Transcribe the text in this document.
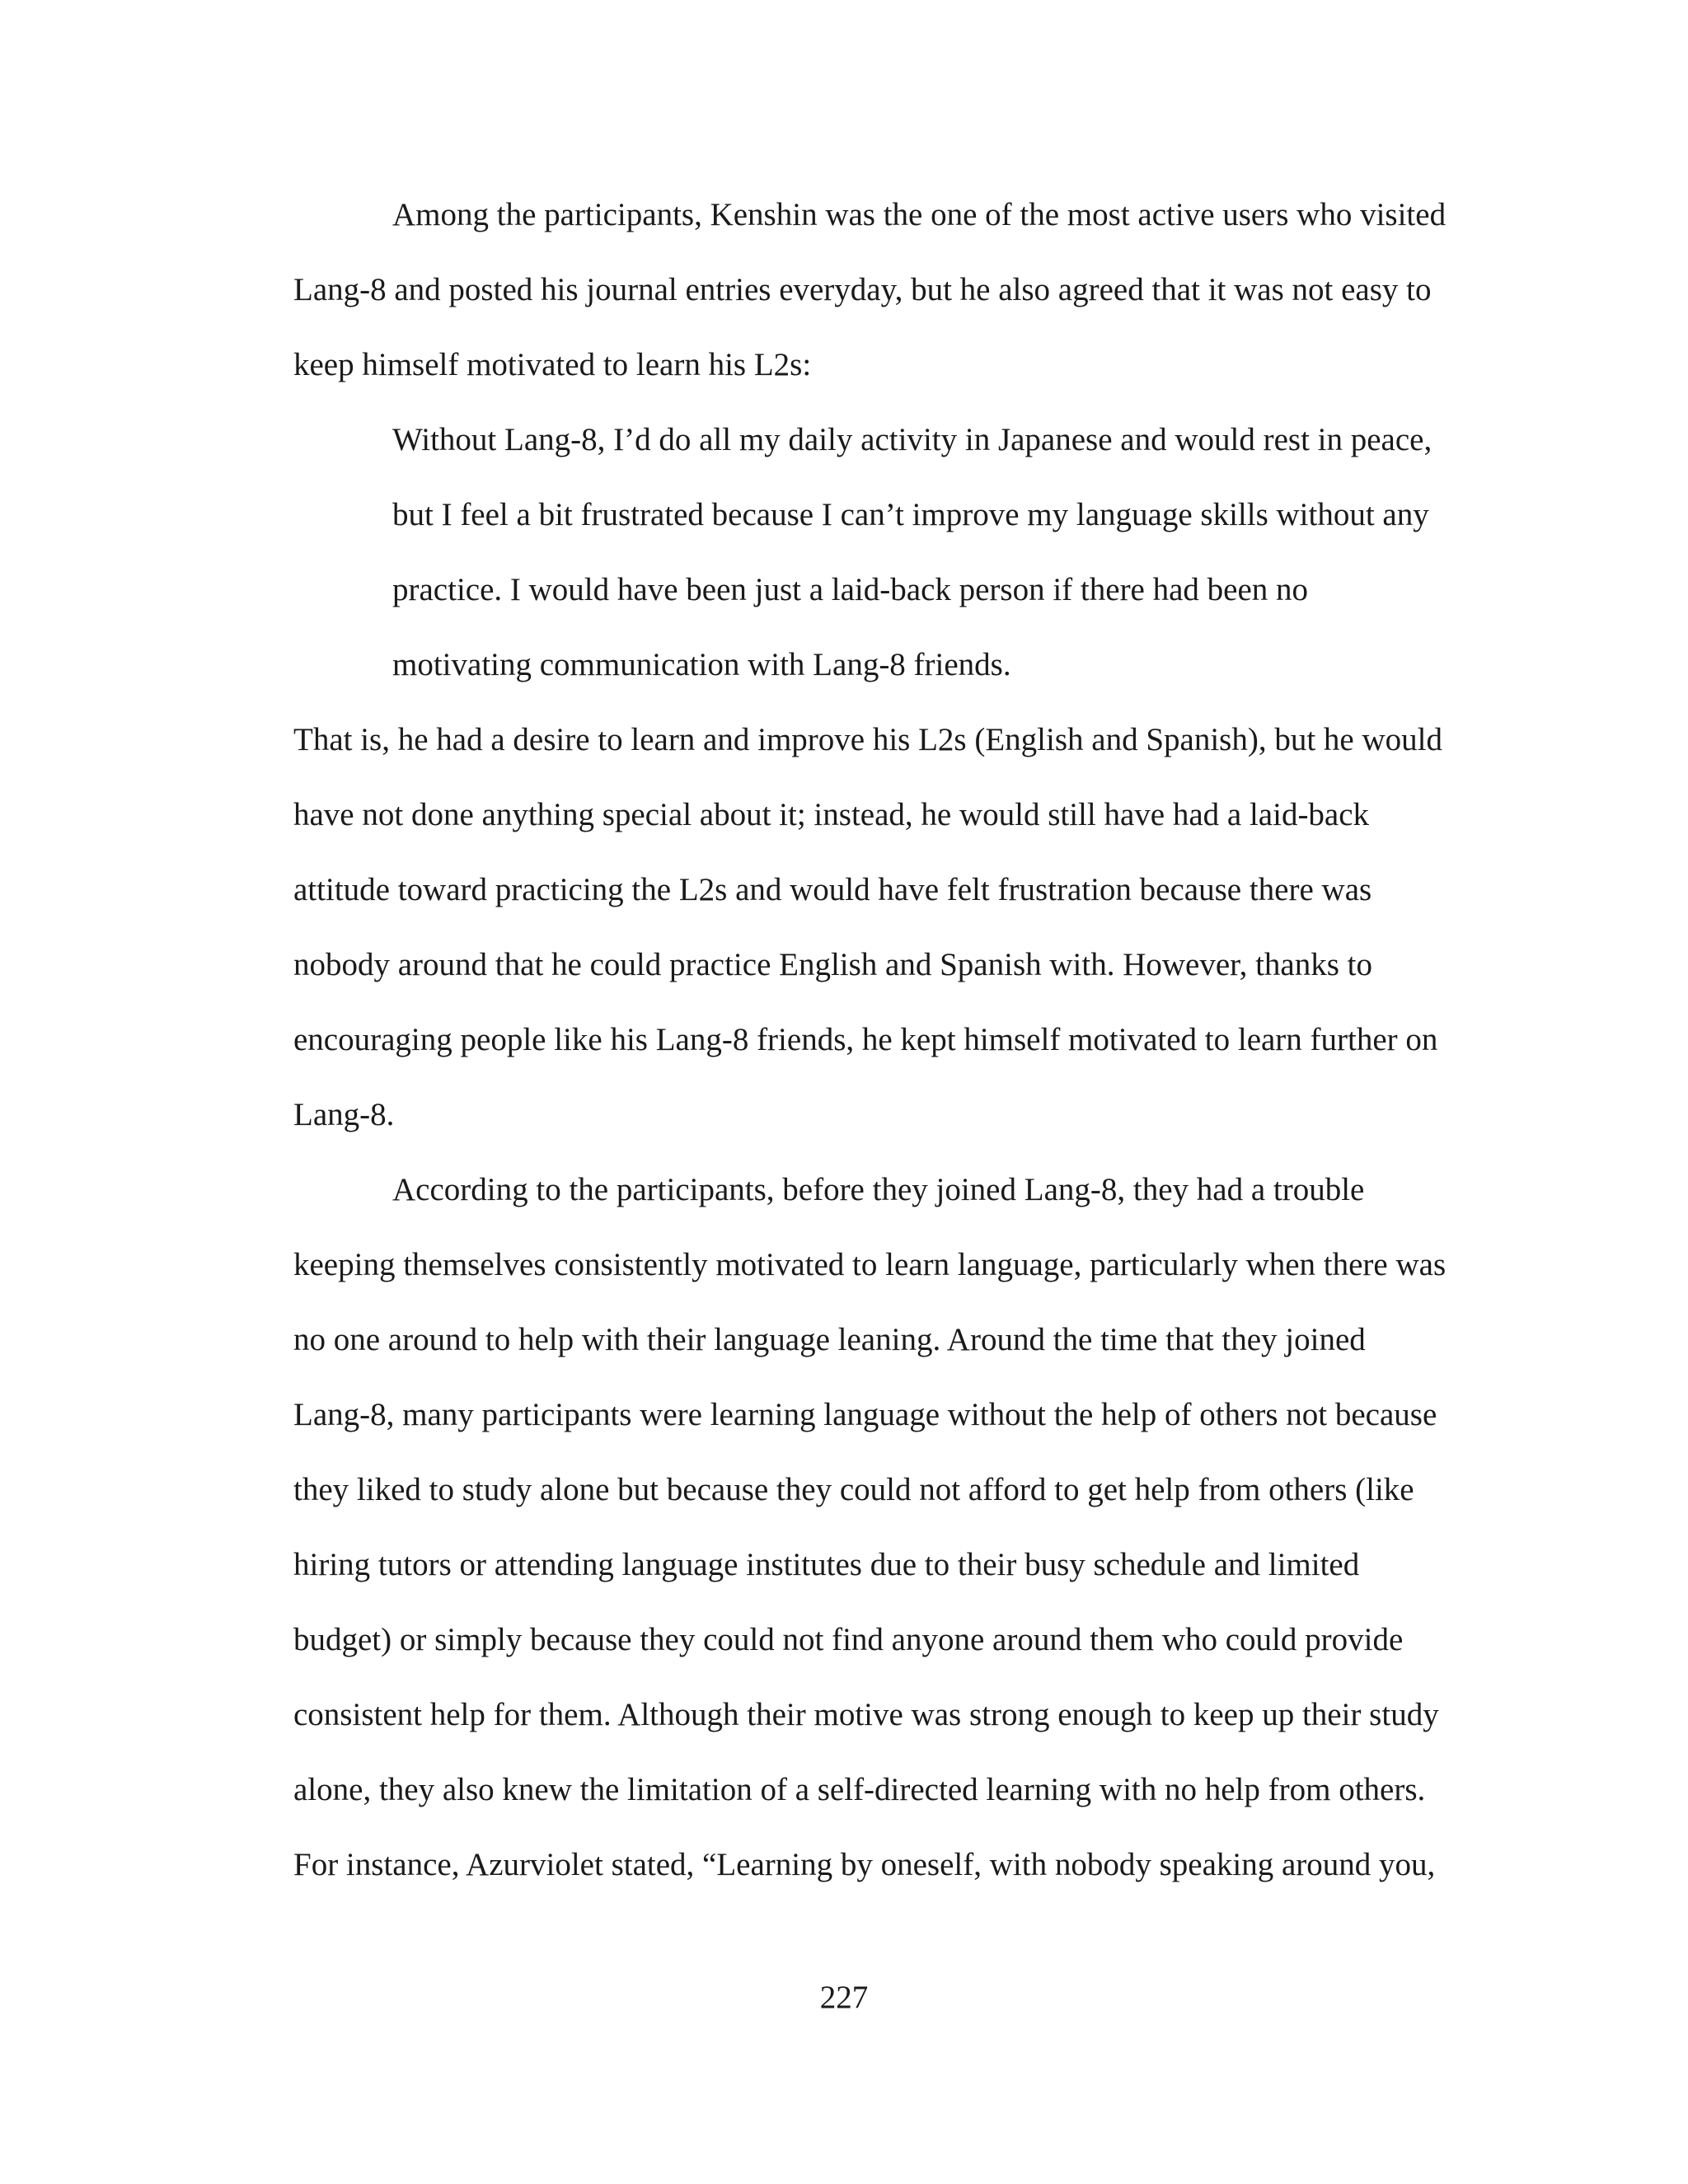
Among the participants, Kenshin was the one of the most active users who visited
Lang-8 and posted his journal entries everyday, but he also agreed that it was not easy to
keep himself motivated to learn his L2s:
Without Lang-8, I’d do all my daily activity in Japanese and would rest in peace,
but I feel a bit frustrated because I can’t improve my language skills without any
practice. I would have been just a laid-back person if there had been no
motivating communication with Lang-8 friends.
That is, he had a desire to learn and improve his L2s (English and Spanish), but he would
have not done anything special about it; instead, he would still have had a laid-back
attitude toward practicing the L2s and would have felt frustration because there was
nobody around that he could practice English and Spanish with. However, thanks to
encouraging people like his Lang-8 friends, he kept himself motivated to learn further on
Lang-8.
According to the participants, before they joined Lang-8, they had a trouble
keeping themselves consistently motivated to learn language, particularly when there was
no one around to help with their language leaning. Around the time that they joined
Lang-8, many participants were learning language without the help of others not because
they liked to study alone but because they could not afford to get help from others (like
hiring tutors or attending language institutes due to their busy schedule and limited
budget) or simply because they could not find anyone around them who could provide
consistent help for them. Although their motive was strong enough to keep up their study
alone, they also knew the limitation of a self-directed learning with no help from others.
For instance, Azurviolet stated, “Learning by oneself, with nobody speaking around you,
227
